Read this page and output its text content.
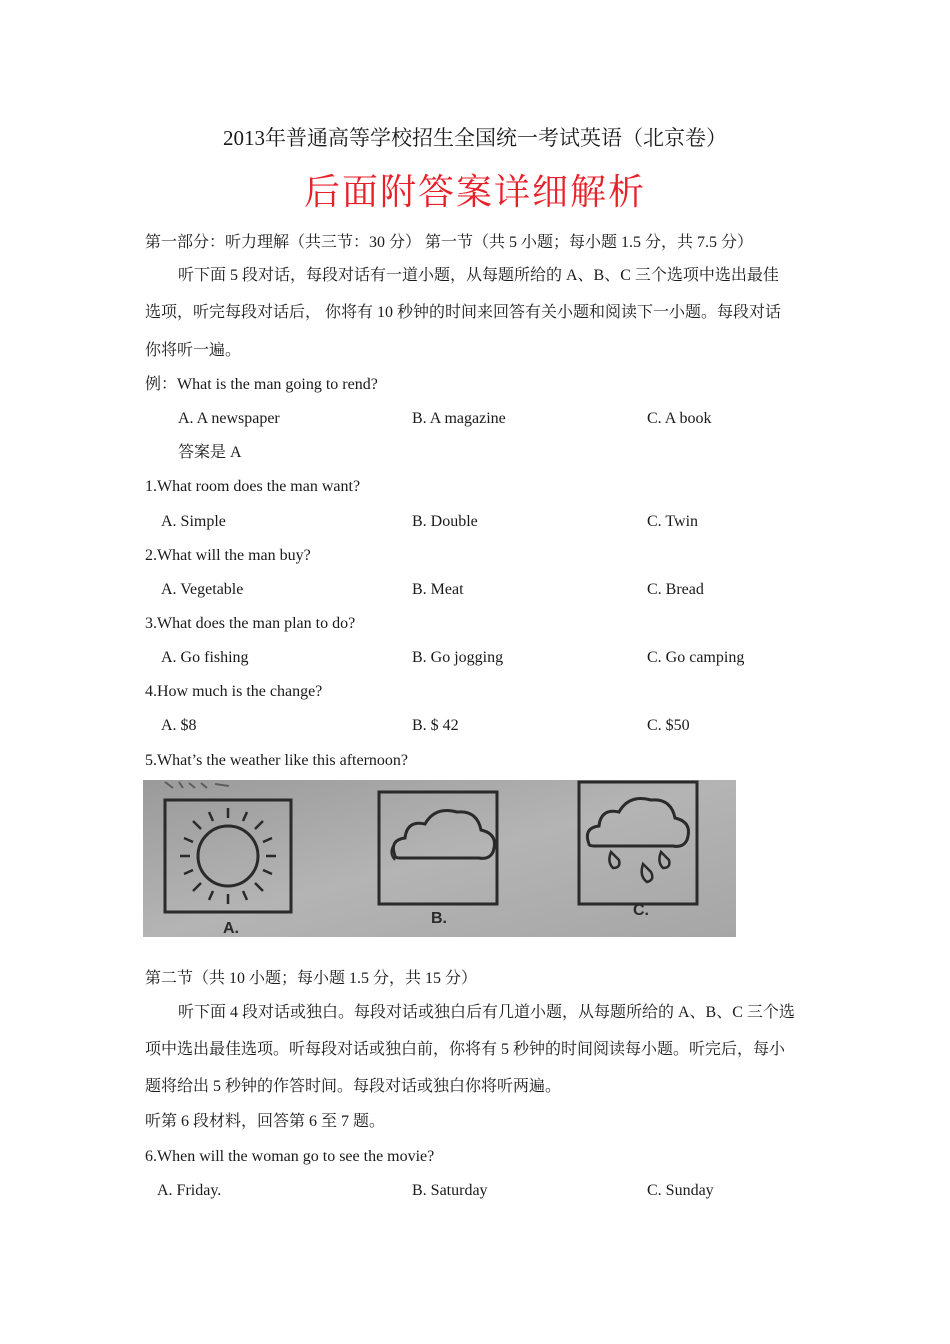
2013年普通高等学校招生全国统一考试英语（北京卷）
后面附答案详细解析
第一部分：听力理解（共三节：30 分） 第一节（共 5 小题；每小题 1.5 分，共 7.5 分）
听下面 5 段对话，每段对话有一道小题，从每题所给的 A、B、C 三个选项中选出最佳
选项，听完每段对话后， 你将有 10 秒钟的时间来回答有关小题和阅读下一小题。每段对话
你将听一遍。
例：What is the man going to rend?
A. A newspaper	B. A magazine	C. A book
答案是 A
1.What room does the man want?
A. Simple	B. Double	C. Twin
2.What will the man buy?
A. Vegetable	B. Meat	C. Bread
3.What does the man plan to do?
A. Go fishing	B. Go jogging	C. Go camping
4.How much is the change?
A. $8	B. $ 42	C. $50
5.What’s the weather like this afternoon?
A.
B.	C.
第二节（共 10 小题；每小题 1.5 分，共 15 分）
听下面 4 段对话或独白。每段对话或独白后有几道小题，从每题所给的 A、B、C 三个选
项中选出最佳选项。听每段对话或独白前，你将有 5 秒钟的时间阅读每小题。听完后，每小
题将给出 5 秒钟的作答时间。每段对话或独白你将听两遍。
听第 6 段材料，回答第 6 至 7 题。
6.When will the woman go to see the movie?
A. Friday.	B. Saturday	C. Sunday
